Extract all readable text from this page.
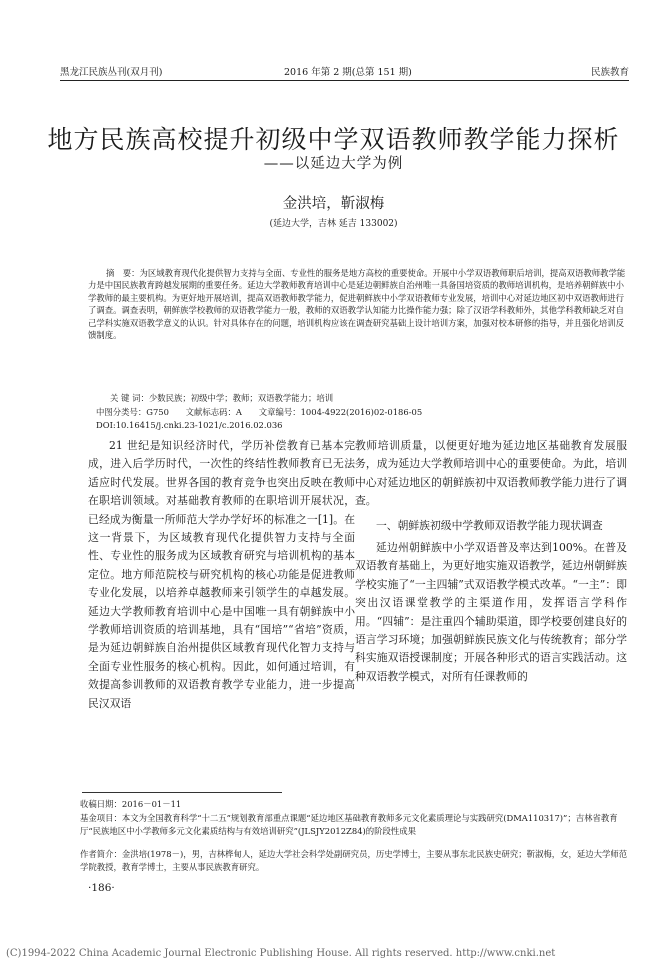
黑龙江民族丛刊(双月刊)	2016 年第 2 期(总第 151 期)	民族教育
地方民族高校提升初级中学双语教师教学能力探析
——以延边大学为例
金洪培，靳淑梅
(延边大学，吉林 延吉 133002)
摘　要：为区域教育现代化提供智力支持与全面、专业性的服务是地方高校的重要使命。开展中小学双语教师职后培训，提高双语教师教学能力是中国民族教育跨越发展期的重要任务。延边大学教师教育培训中心是延边朝鲜族自治州唯一具备国培资质的教师培训机构，是培养朝鲜族中小学教师的最主要机构。为更好地开展培训，提高双语教师教学能力，促进朝鲜族中小学双语教师专业发展，培训中心对延边地区初中双语教师进行了调查。调查表明，朝鲜族学校教师的双语教学能力一般，教师的双语教学认知能力比操作能力强；除了汉语学科教师外，其他学科教师缺乏对自己学科实施双语教学意义的认识。针对具体存在的问题，培训机构应该在调查研究基础上设计培训方案，加强对校本研修的指导，并且强化培训反馈制度。
关 键 词：少数民族；初级中学；教师；双语教学能力；培训
中图分类号：G750　　文献标志码：A　　文章编号：1004-4922(2016)02-0186-05
DOI:10.16415/j.cnki.23-1021/c.2016.02.036

21 世纪是知识经济时代，学历补偿教育已基本完成，进入后学历时代，一次性的终结性教师教育已无法适应时代发展。世界各国的教育竞争也突出反映在教师在职培训领域。对基础教育教师的在职培训开展状况，已经成为衡量一所师范大学办学好坏的标准之一[1]。在这一背景下，为区域教育现代化提供智力支持与全面性、专业性的服务成为区域教育研究与培训机构的基本定位。地方师范院校与研究机构的核心功能是促进教师专业化发展，以培养卓越教师来引领学生的卓越发展。延边大学教师教育培训中心是中国唯一具有朝鲜族中小学教师培训资质的培训基地，具有“国培”“省培”资质，是为延边朝鲜族自治州提供区域教育现代化智力支持与全面专业性服务的核心机构。因此，如何通过培训，有效提高参训教师的双语教育教学专业能力，进一步提高民汉双语

教师培训质量，以便更好地为延边地区基础教育发展服务，成为延边大学教师培训中心的重要使命。为此，培训中心对延边地区的朝鲜族初中双语教师教学能力进行了调查。

一、朝鲜族初级中学教师双语教学能力现状调查

延边州朝鲜族中小学双语普及率达到100%。在普及双语教育基础上，为更好地实施双语教学，延边州朝鲜族学校实施了“一主四辅”式双语教学模式改革。“一主”：即突出汉语课堂教学的主渠道作用，发挥语言学科作用。“四辅”：是注重四个辅助渠道，即学校要创建良好的语言学习环境；加强朝鲜族民族文化与传统教育；部分学科实施双语授课制度；开展各种形式的语言实践活动。这种双语教学模式，对所有任课教师的

收稿日期：2016－01－11
基金项目：本文为全国教育科学“十二五”规划教育部重点课题“延边地区基础教育教师多元文化素质理论与实践研究(DMA110317)”；吉林省教育厅“民族地区中小学教师多元文化素质结构与有效培训研究”(JLSJY2012Z84)的阶段性成果
作者简介：金洪培(1978－)，男，吉林桦甸人，延边大学社会科学处副研究员，历史学博士，主要从事东北民族史研究；靳淑梅，女，延边大学师范学院教授，教育学博士，主要从事民族教育研究。
·186·
(C)1994-2022 China Academic Journal Electronic Publishing House. All rights reserved. http://www.cnki.net
